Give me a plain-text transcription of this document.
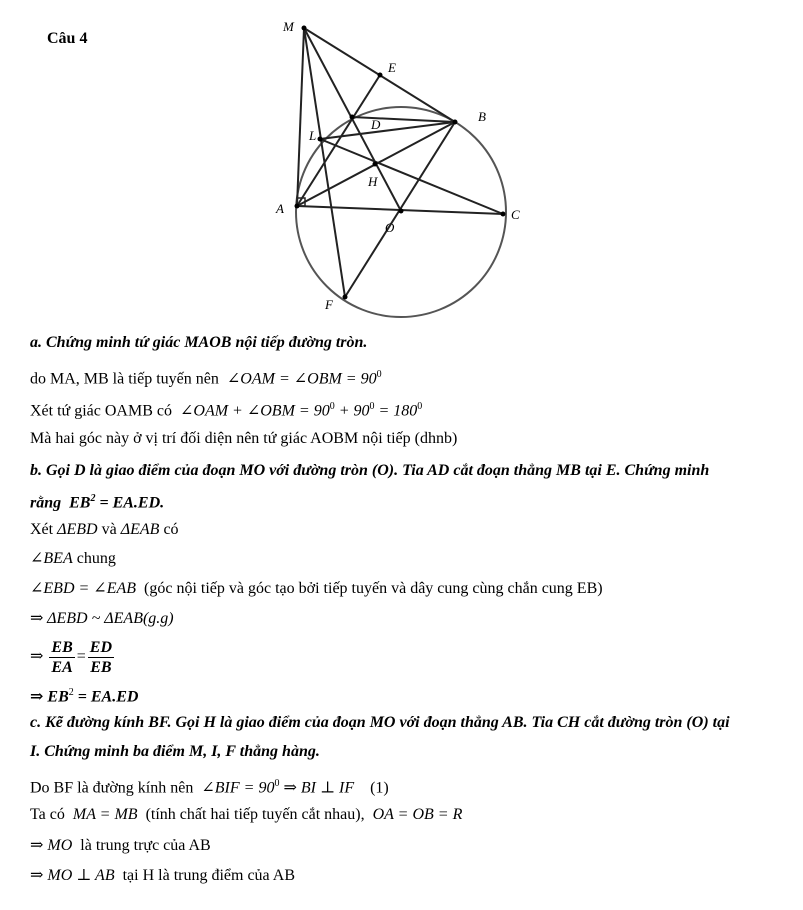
Câu 4
M
E
B
D
L
H
A	C
O
F
a. Chứng minh tứ giác MAOB nội tiếp đường tròn.
do MA, MB là tiếp tuyến nên ∠OAM = ∠OBM = $90^0$
Xét tứ giác OAMB có ∠OAM + ∠OBM = $90^0 + 90^0 = 180^0$
Mà hai góc này ở vị trí đối diện nên tứ giác AOBM nội tiếp (dhnb)
b. Gọi D là giao điểm của đoạn MO với đường tròn (O). Tia AD cắt đoạn thẳng MB tại E. Chứng minh
rằng $EB^2 = EA.ED$.
Xét ΔEBD và ΔEAB có
∠BEA chung
∠EBD = ∠EAB (góc nội tiếp và góc tạo bởi tiếp tuyến và dây cung cùng chắn cung EB)
⇒ ΔEBD ~ ΔEAB(g.g)
⇒ $\frac{EB}{EA} = \frac{ED}{EB}$
⇒ $EB^2 = EA.ED$
c. Kẽ đường kính BF. Gọi H là giao điểm của đoạn MO với đoạn thẳng AB. Tia CH cắt đường tròn (O) tại
I. Chứng minh ba điểm M, I, F thẳng hàng.
Do BF là đường kính nên ∠BIF = $90^0$ ⇒ BI ⊥ IF (1)
Ta có MA = MB (tính chất hai tiếp tuyến cắt nhau), OA = OB = R
⇒ MO là trung trực của AB
⇒ MO ⊥ AB tại H là trung điểm của AB
